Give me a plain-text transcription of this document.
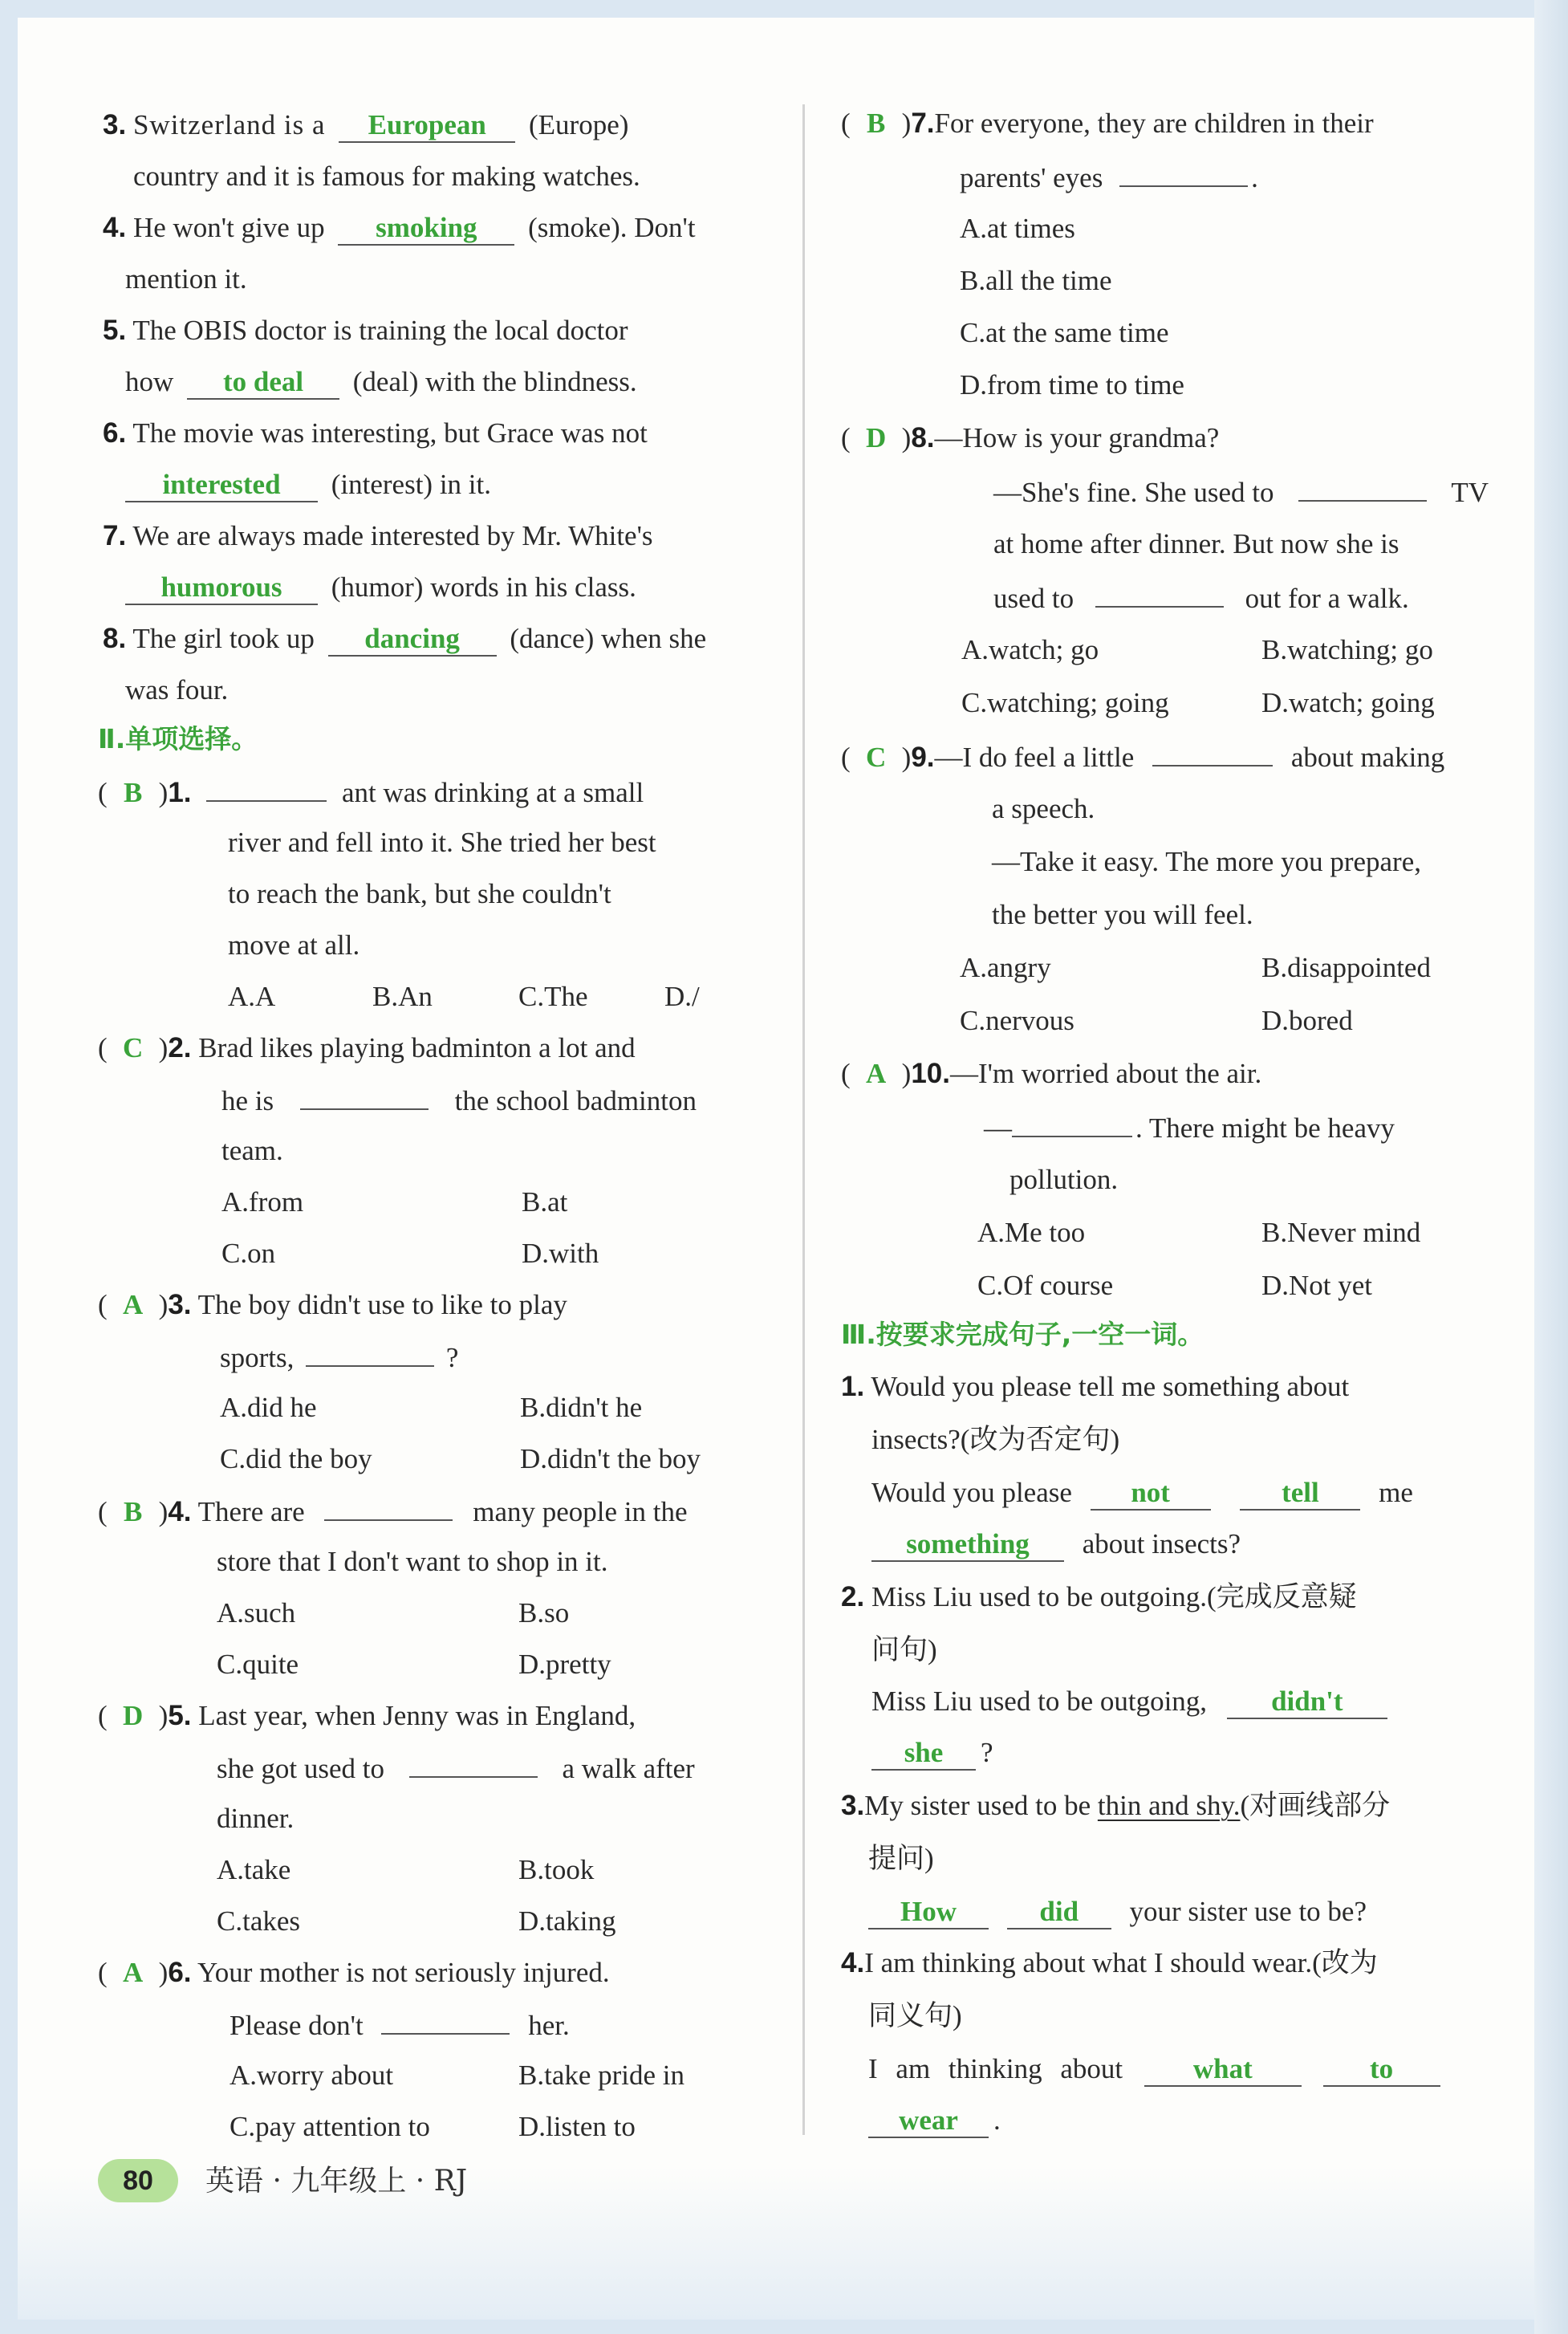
3. Switzerland is a European (Europe)
country and it is famous for making watches.
4. He won't give up smoking (smoke). Don't
mention it.
5. The OBIS doctor is training the local doctor
how to deal (deal) with the blindness.
6. The movie was interesting, but Grace was not
interested (interest) in it.
7. We are always made interested by Mr. White's
humorous (humor) words in his class.
8. The girl took up dancing (dance) when she
was four.
Ⅱ.单项选择。
( B )1.	ant was drinking at a small
river and fell into it. She tried her best
to reach the bank, but she couldn't
move at all.
A.A	B.An	C.The	D./
( C )2. Brad likes playing badminton a lot and
he is	the school badminton
team.
A.from	B.at
C.on	D.with
( A )3. The boy didn't use to like to play
sports,	?
A.did he	B.didn't he
C.did the boy	D.didn't the boy
( B )4. There are	many people in the
store that I don't want to shop in it.
A.such	B.so
C.quite	D.pretty
( D )5. Last year, when Jenny was in England,
she got used to	a walk after
dinner.
A.take	B.took
C.takes	D.taking
( A )6. Your mother is not seriously injured.
Please don't	her.
A.worry about	B.take pride in
C.pay attention to	D.listen to
( B )7.For everyone, they are children in their
parents' eyes	.
A.at times
B.all the time
C.at the same time
D.from time to time
( D )8.—How is your grandma?
—She's fine. She used to	TV
at home after dinner. But now she is
used to	out for a walk.
A.watch; go	B.watching; go
C.watching; going	D.watch; going
( C )9.—I do feel a little	about making
a speech.
—Take it easy. The more you prepare,
the better you will feel.
A.angry	B.disappointed
C.nervous	D.bored
( A )10.—I'm worried about the air.
—	. There might be heavy
pollution.
A.Me too	B.Never mind
C.Of course	D.Not yet
Ⅲ.按要求完成句子,一空一词。
1. Would you please tell me something about
insects?(改为否定句)
Would you please not	tell me
something about insects?
2. Miss Liu used to be outgoing.(完成反意疑
问句)
Miss Liu used to be outgoing, didn't
she ?
3.My sister used to be thin and shy.(对画线部分
提问)
How	did your sister use to be?
4.I am thinking about what I should wear.(改为
同义句)
I am thinking about	what	to
wear .
80	英语 · 九年级上 · RJ
